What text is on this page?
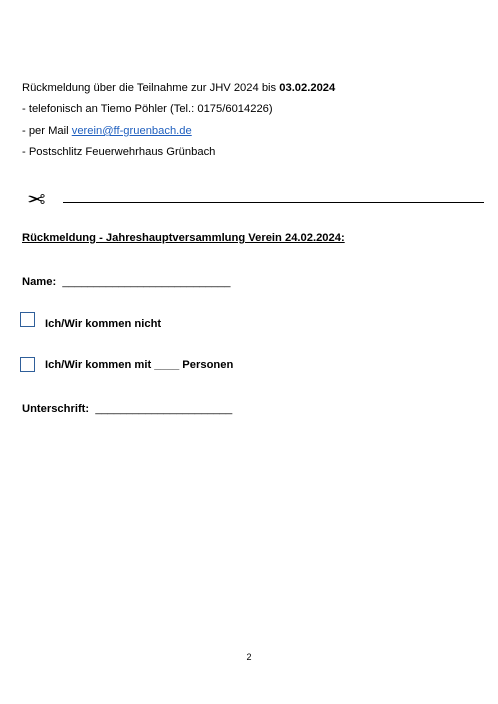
Rückmeldung über die Teilnahme zur JHV 2024 bis 03.02.2024
- telefonisch an Tiemo Pöhler (Tel.: 0175/6014226)
- per Mail verein@ff-gruenbach.de
- Postschlitz Feuerwehrhaus Grünbach
✂
Rückmeldung - Jahreshauptversammlung Verein 24.02.2024:
Name: ___________________________
Ich/Wir kommen nicht
Ich/Wir kommen mit ____ Personen
Unterschrift: ______________________
2
